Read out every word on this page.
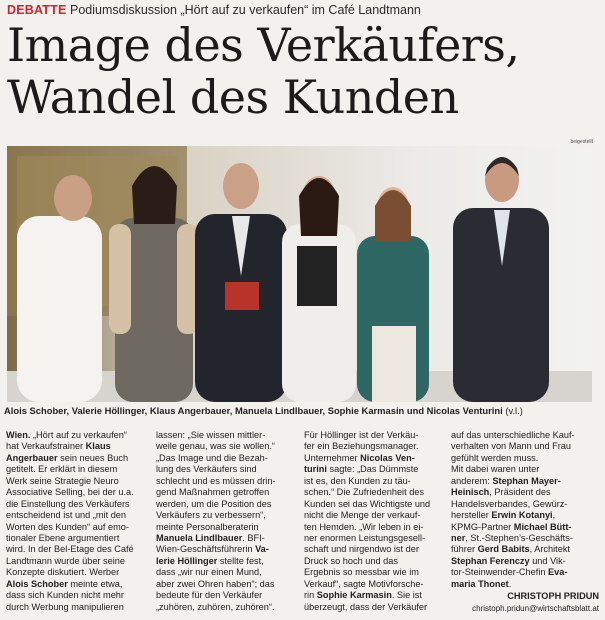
DEBATTE Podiumsdiskussion „Hört auf zu verkaufen“ im Café Landtmann
Image des Verkäufers,
Wandel des Kunden
beigestellt
Alois Schober, Valerie Höllinger, Klaus Angerbauer, Manuela Lindlbauer, Sophie Karmasin und Nicolas Venturini (v.l.)
Wien. „Hört auf zu verkaufen“
hat Verkaufstrainer Klaus
Angerbauer sein neues Buch
getitelt. Er erklärt in diesem
Werk seine Strategie Neuro
Associative Selling, bei der u.a.
die Einstellung des Verkäufers
entscheidend ist und „mit den
Worten des Kunden“ auf emo-
tionaler Ebene argumentiert
wird. In der Bel-Etage des Café
Landtmann wurde über seine
Konzepte diskutiert. Werber
Alois Schober meinte etwa,
dass sich Kunden nicht mehr
durch Werbung manipulieren
lassen: „Sie wissen mittler-
weile genau, was sie wollen.“
„Das Image und die Bezah-
lung des Verkäufers sind
schlecht und es müssen drin-
gend Maßnahmen getroffen
werden, um die Position des
Verkäufers zu verbessern“,
meinte Personalberaterin
Manuela Lindlbauer. BFI-
Wien-Geschäftsführerin Va-
lerie Höllinger stellte fest,
dass „wir nur einen Mund,
aber zwei Ohren haben“; das
bedeute für den Verkäufer
„zuhören, zuhören, zuhören“.
Für Höllinger ist der Verkäu-
fer ein Beziehungsmanager.
Unternehmer Nicolas Ven-
turini sagte: „Das Dümmste
ist es, den Kunden zu täu-
schen.“ Die Zufriedenheit des
Kunden sei das Wichtigste und
nicht die Menge der verkauf-
ten Hemden. „Wir leben in ei-
ner enormen Leistungsgesell-
schaft und nirgendwo ist der
Druck so hoch und das
Ergebnis so messbar wie im
Verkauf“, sagte Motivforsche-
rin Sophie Karmasin. Sie ist
überzeugt, dass der Verkäufer
auf das unterschiedliche Kauf-
verhalten von Mann und Frau
gefühlt werden muss.
Mit dabei waren unter
anderem: Stephan Mayer-
Heinisch, Präsident des
Handelsverbandes, Gewürz-
hersteller Erwin Kotanyi,
KPMG-Partner Michael Bütt-
ner, St.-Stephen’s-Geschäfts-
führer Gerd Babits, Architekt
Stephan Ferenczy und Vik-
tor-Steinwender-Chefin Eva-
maria Thonet.
CHRISTOPH PRIDUN
christoph.pridun@wirtschaftsblatt.at
